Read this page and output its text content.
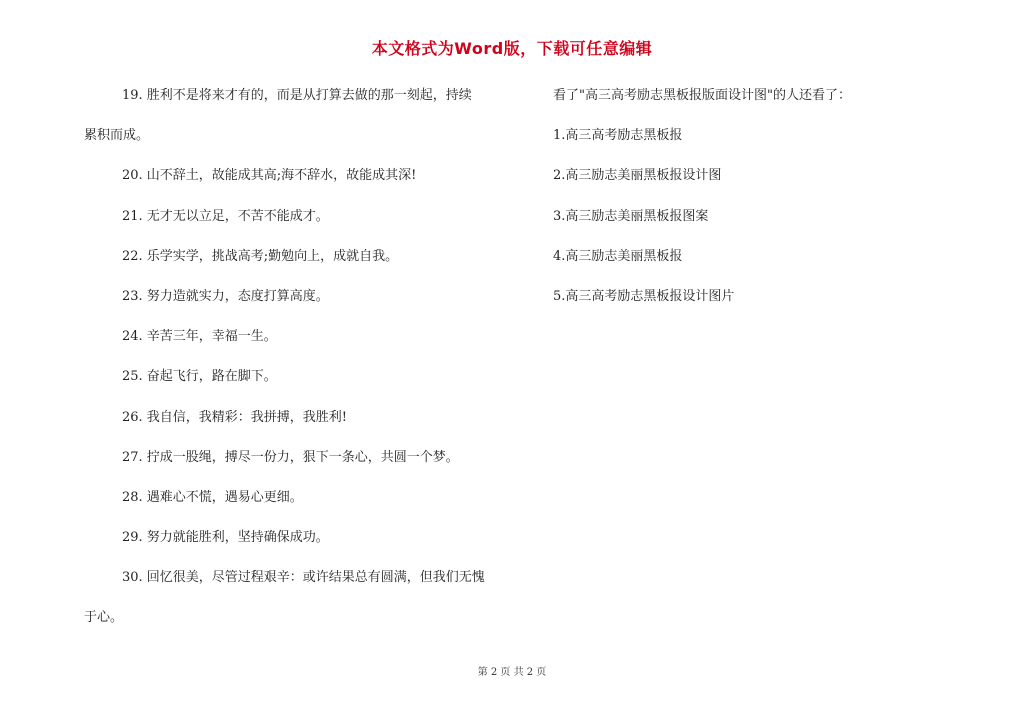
本文格式为Word版，下载可任意编辑
19. 胜利不是将来才有的，而是从打算去做的那一刻起，持续
累积而成。
20. 山不辞土，故能成其高;海不辞水，故能成其深!
21. 无才无以立足，不苦不能成才。
22. 乐学实学，挑战高考;勤勉向上，成就自我。
23. 努力造就实力，态度打算高度。
24. 辛苦三年，幸福一生。
25. 奋起飞行，路在脚下。
26. 我自信，我精彩：我拼搏，我胜利!
27. 拧成一股绳，搏尽一份力，狠下一条心，共圆一个梦。
28. 遇难心不慌，遇易心更细。
29. 努力就能胜利，坚持确保成功。
30. 回忆很美，尽管过程艰辛：或许结果总有圆满，但我们无愧
于心。
看了"高三高考励志黑板报版面设计图"的人还看了：
1.高三高考励志黑板报
2.高三励志美丽黑板报设计图
3.高三励志美丽黑板报图案
4.高三励志美丽黑板报
5.高三高考励志黑板报设计图片
第 2 页 共 2 页
